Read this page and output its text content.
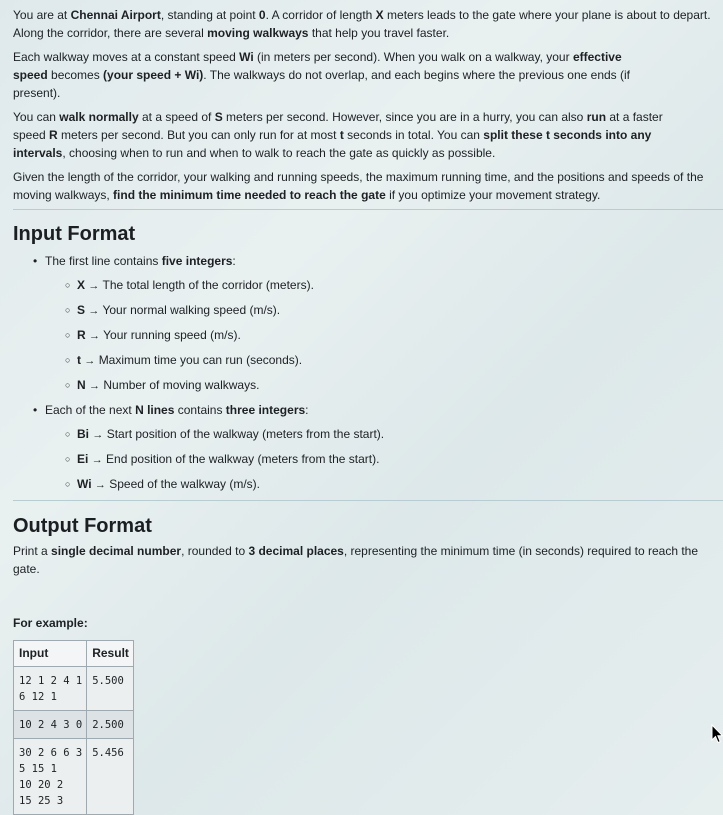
You are at Chennai Airport, standing at point 0. A corridor of length X meters leads to the gate where your plane is about to depart. Along the corridor, there are several moving walkways that help you travel faster.

Each walkway moves at a constant speed Wi (in meters per second). When you walk on a walkway, your effective speed becomes (your speed + Wi). The walkways do not overlap, and each begins where the previous one ends (if present).

You can walk normally at a speed of S meters per second. However, since you are in a hurry, you can also run at a faster speed R meters per second. But you can only run for at most t seconds in total. You can split these t seconds into any intervals, choosing when to run and when to walk to reach the gate as quickly as possible.

Given the length of the corridor, your walking and running speeds, the maximum running time, and the positions and speeds of the moving walkways, find the minimum time needed to reach the gate if you optimize your movement strategy.

Input Format
• The first line contains five integers:
○ X → The total length of the corridor (meters).
○ S → Your normal walking speed (m/s).
○ R → Your running speed (m/s).
○ t → Maximum time you can run (seconds).
○ N → Number of moving walkways.
• Each of the next N lines contains three integers:
○ Bi → Start position of the walkway (meters from the start).
○ Ei → End position of the walkway (meters from the start).
○ Wi → Speed of the walkway (m/s).
Output Format

Print a single decimal number, rounded to 3 decimal places, representing the minimum time (in seconds) required to reach the gate.

For example:

Input	Result
12 1 2 4 1
6 12 1	5.500
10 2 4 3 0	2.500
30 2 6 6 3
5 15 1
10 20 2
15 25 3	5.456
